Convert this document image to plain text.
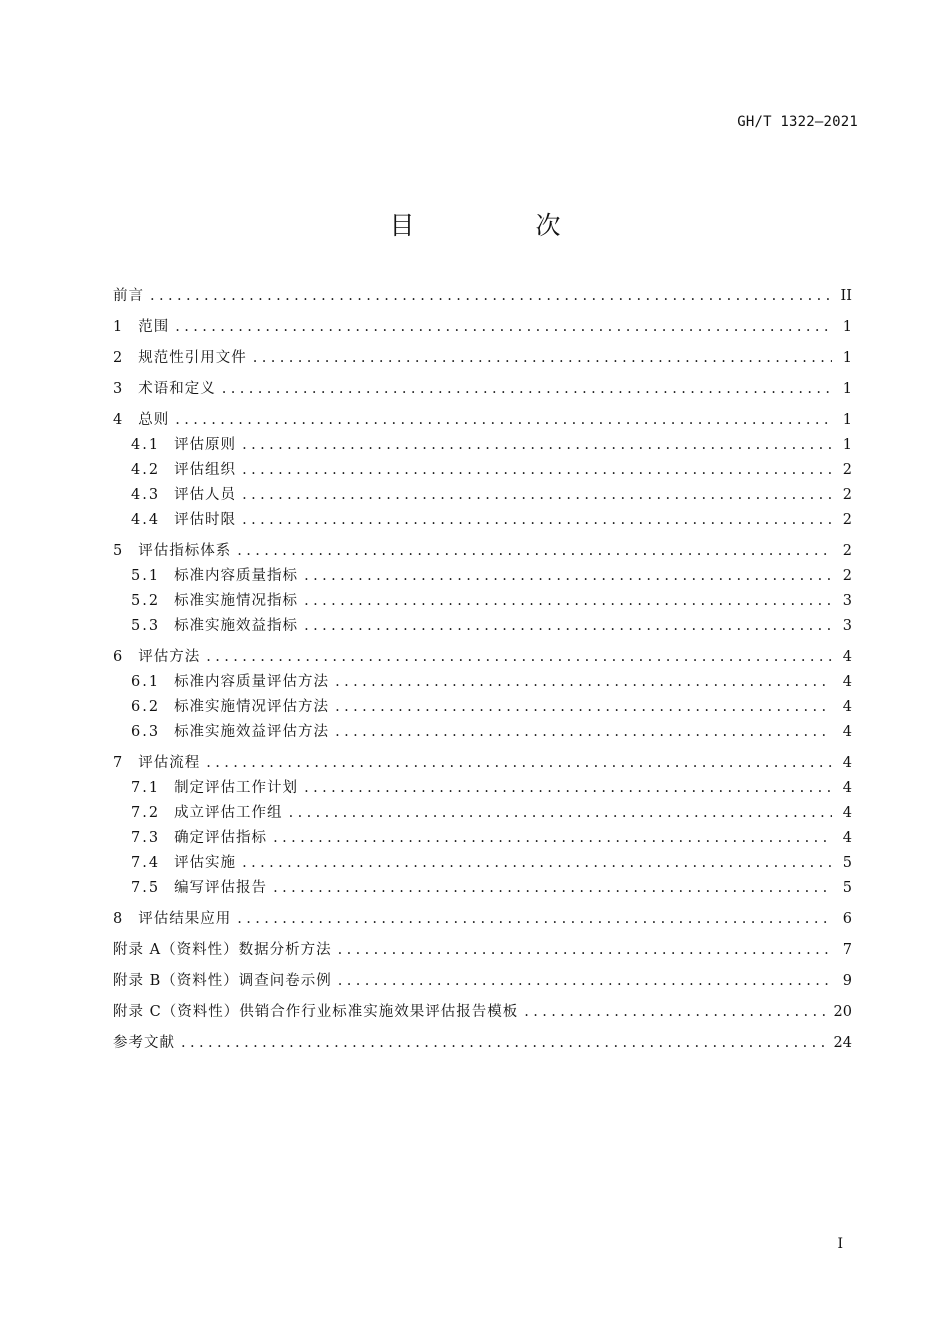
GH/T 1322—2021
目　次
前言 .....	II
1 范围 .....	1
2 规范性引用文件 .....	1
3 术语和定义 .....	1
4 总则 .....	1
4.1 评估原则 .....	1
4.2 评估组织 .....	2
4.3 评估人员 .....	2
4.4 评估时限 .....	2
5 评估指标体系 .....	2
5.1 标准内容质量指标 .....	2
5.2 标准实施情况指标 .....	3
5.3 标准实施效益指标 .....	3
6 评估方法 .....	4
6.1 标准内容质量评估方法 .....	4
6.2 标准实施情况评估方法 .....	4
6.3 标准实施效益评估方法 .....	4
7 评估流程 .....	4
7.1 制定评估工作计划 .....	4
7.2 成立评估工作组 .....	4
7.3 确定评估指标 .....	4
7.4 评估实施 .....	5
7.5 编写评估报告 .....	5
8 评估结果应用 .....	6
附录 A（资料性）数据分析方法 .....	7
附录 B（资料性）调查问卷示例 .....	9
附录 C（资料性）供销合作行业标准实施效果评估报告模板 .....	20
参考文献 .....	24
I
